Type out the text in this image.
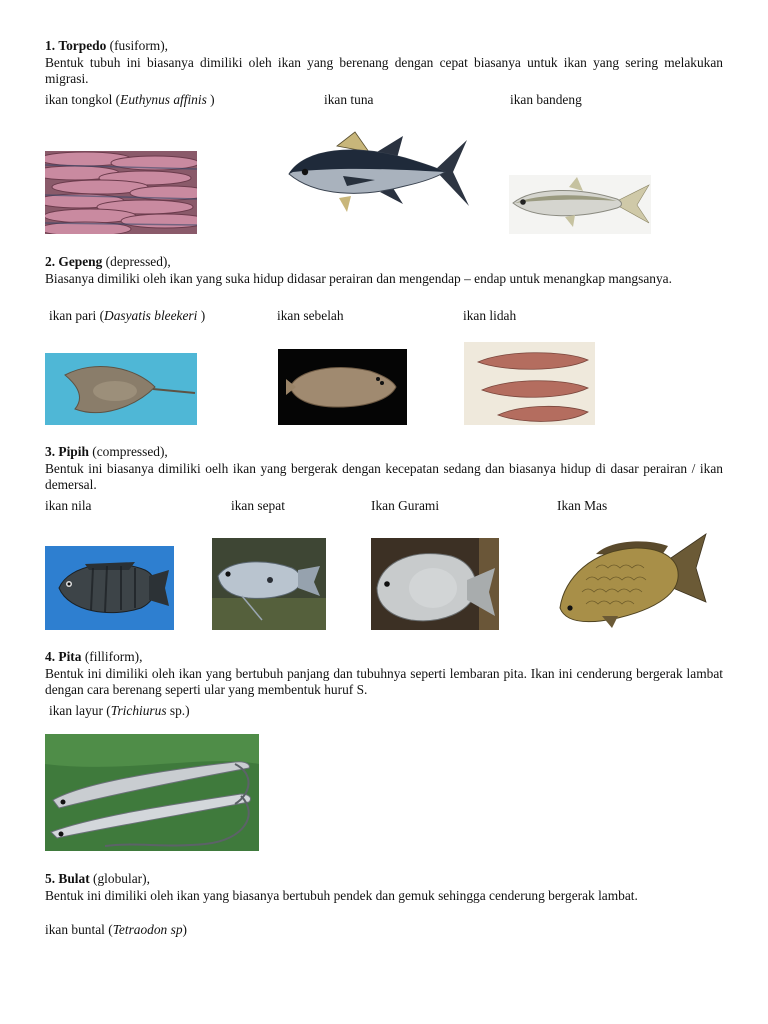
1. Torpedo (fusiform),
Bentuk tubuh ini biasanya dimiliki oleh ikan yang berenang dengan cepat biasanya untuk ikan yang sering melakukan migrasi.
ikan tongkol (Euthynus affinis )	ikan tuna	ikan bandeng
2. Gepeng (depressed),
Biasanya dimiliki oleh ikan yang suka hidup didasar perairan dan mengendap – endap untuk menangkap mangsanya.
ikan pari (Dasyatis bleekeri )	ikan sebelah	ikan lidah
3. Pipih (compressed),
Bentuk ini biasanya dimiliki oelh ikan yang bergerak dengan kecepatan sedang dan biasanya hidup di dasar perairan / ikan demersal.
ikan nila	ikan sepat	Ikan Gurami	Ikan Mas
4. Pita (filliform),
Bentuk ini dimiliki oleh ikan yang bertubuh panjang dan tubuhnya seperti lembaran pita. Ikan ini cenderung bergerak lambat dengan cara berenang seperti ular yang membentuk huruf S.
ikan layur (Trichiurus sp.)
5. Bulat (globular),
Bentuk ini dimiliki oleh ikan yang biasanya bertubuh pendek dan gemuk sehingga cenderung bergerak lambat.
ikan buntal (Tetraodon sp)
